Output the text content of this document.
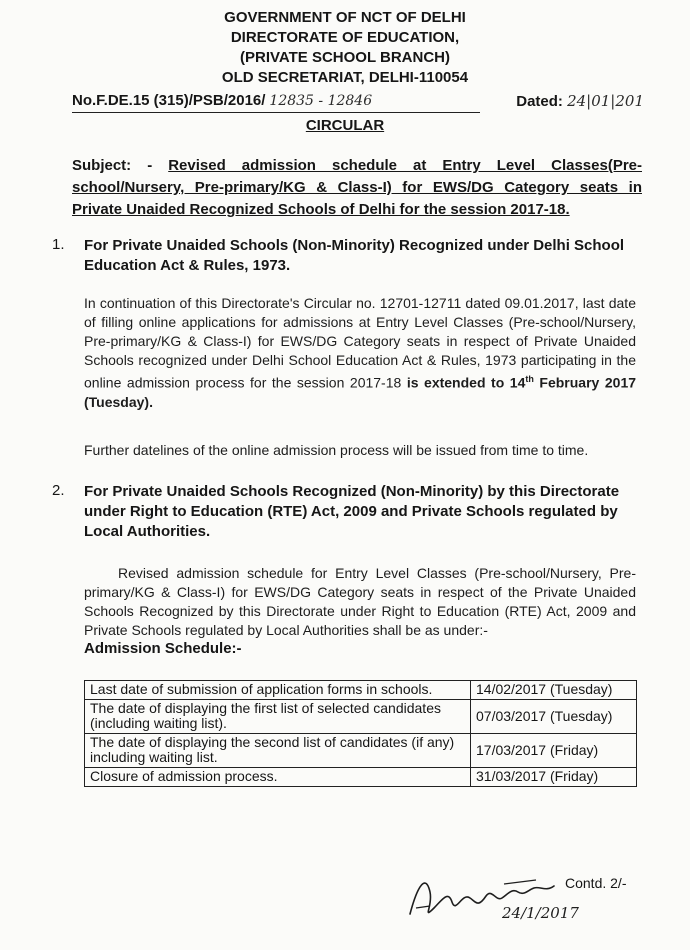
GOVERNMENT OF NCT OF DELHI
DIRECTORATE OF EDUCATION,
(PRIVATE SCHOOL BRANCH)
OLD SECRETARIAT, DELHI-110054
No.F.DE.15 (315)/PSB/2016/ 12835 - 12846	Dated: 24|01|201
CIRCULAR
Subject: - Revised admission schedule at Entry Level Classes(Pre-school/Nursery, Pre-primary/KG & Class-I) for EWS/DG Category seats in Private Unaided Recognized Schools of Delhi for the session 2017-18.
1. For Private Unaided Schools (Non-Minority) Recognized under Delhi School Education Act & Rules, 1973.
In continuation of this Directorate's Circular no. 12701-12711 dated 09.01.2017, last date of filling online applications for admissions at Entry Level Classes (Pre-school/Nursery, Pre-primary/KG & Class-I) for EWS/DG Category seats in respect of Private Unaided Schools recognized under Delhi School Education Act & Rules, 1973 participating in the online admission process for the session 2017-18 is extended to 14th February 2017 (Tuesday).
Further datelines of the online admission process will be issued from time to time.
2. For Private Unaided Schools Recognized (Non-Minority) by this Directorate under Right to Education (RTE) Act, 2009 and Private Schools regulated by Local Authorities.
Revised admission schedule for Entry Level Classes (Pre-school/Nursery, Pre-primary/KG & Class-I) for EWS/DG Category seats in respect of the Private Unaided Schools Recognized by this Directorate under Right to Education (RTE) Act, 2009 and Private Schools regulated by Local Authorities shall be as under:-
Admission Schedule:-
Last date of submission of application forms in schools.	14/02/2017 (Tuesday)
The date of displaying the first list of selected candidates (including waiting list).	07/03/2017 (Tuesday)
The date of displaying the second list of candidates (if any) including waiting list.	17/03/2017 (Friday)
Closure of admission process.	31/03/2017 (Friday)
24/1/2017
Contd. 2/-
